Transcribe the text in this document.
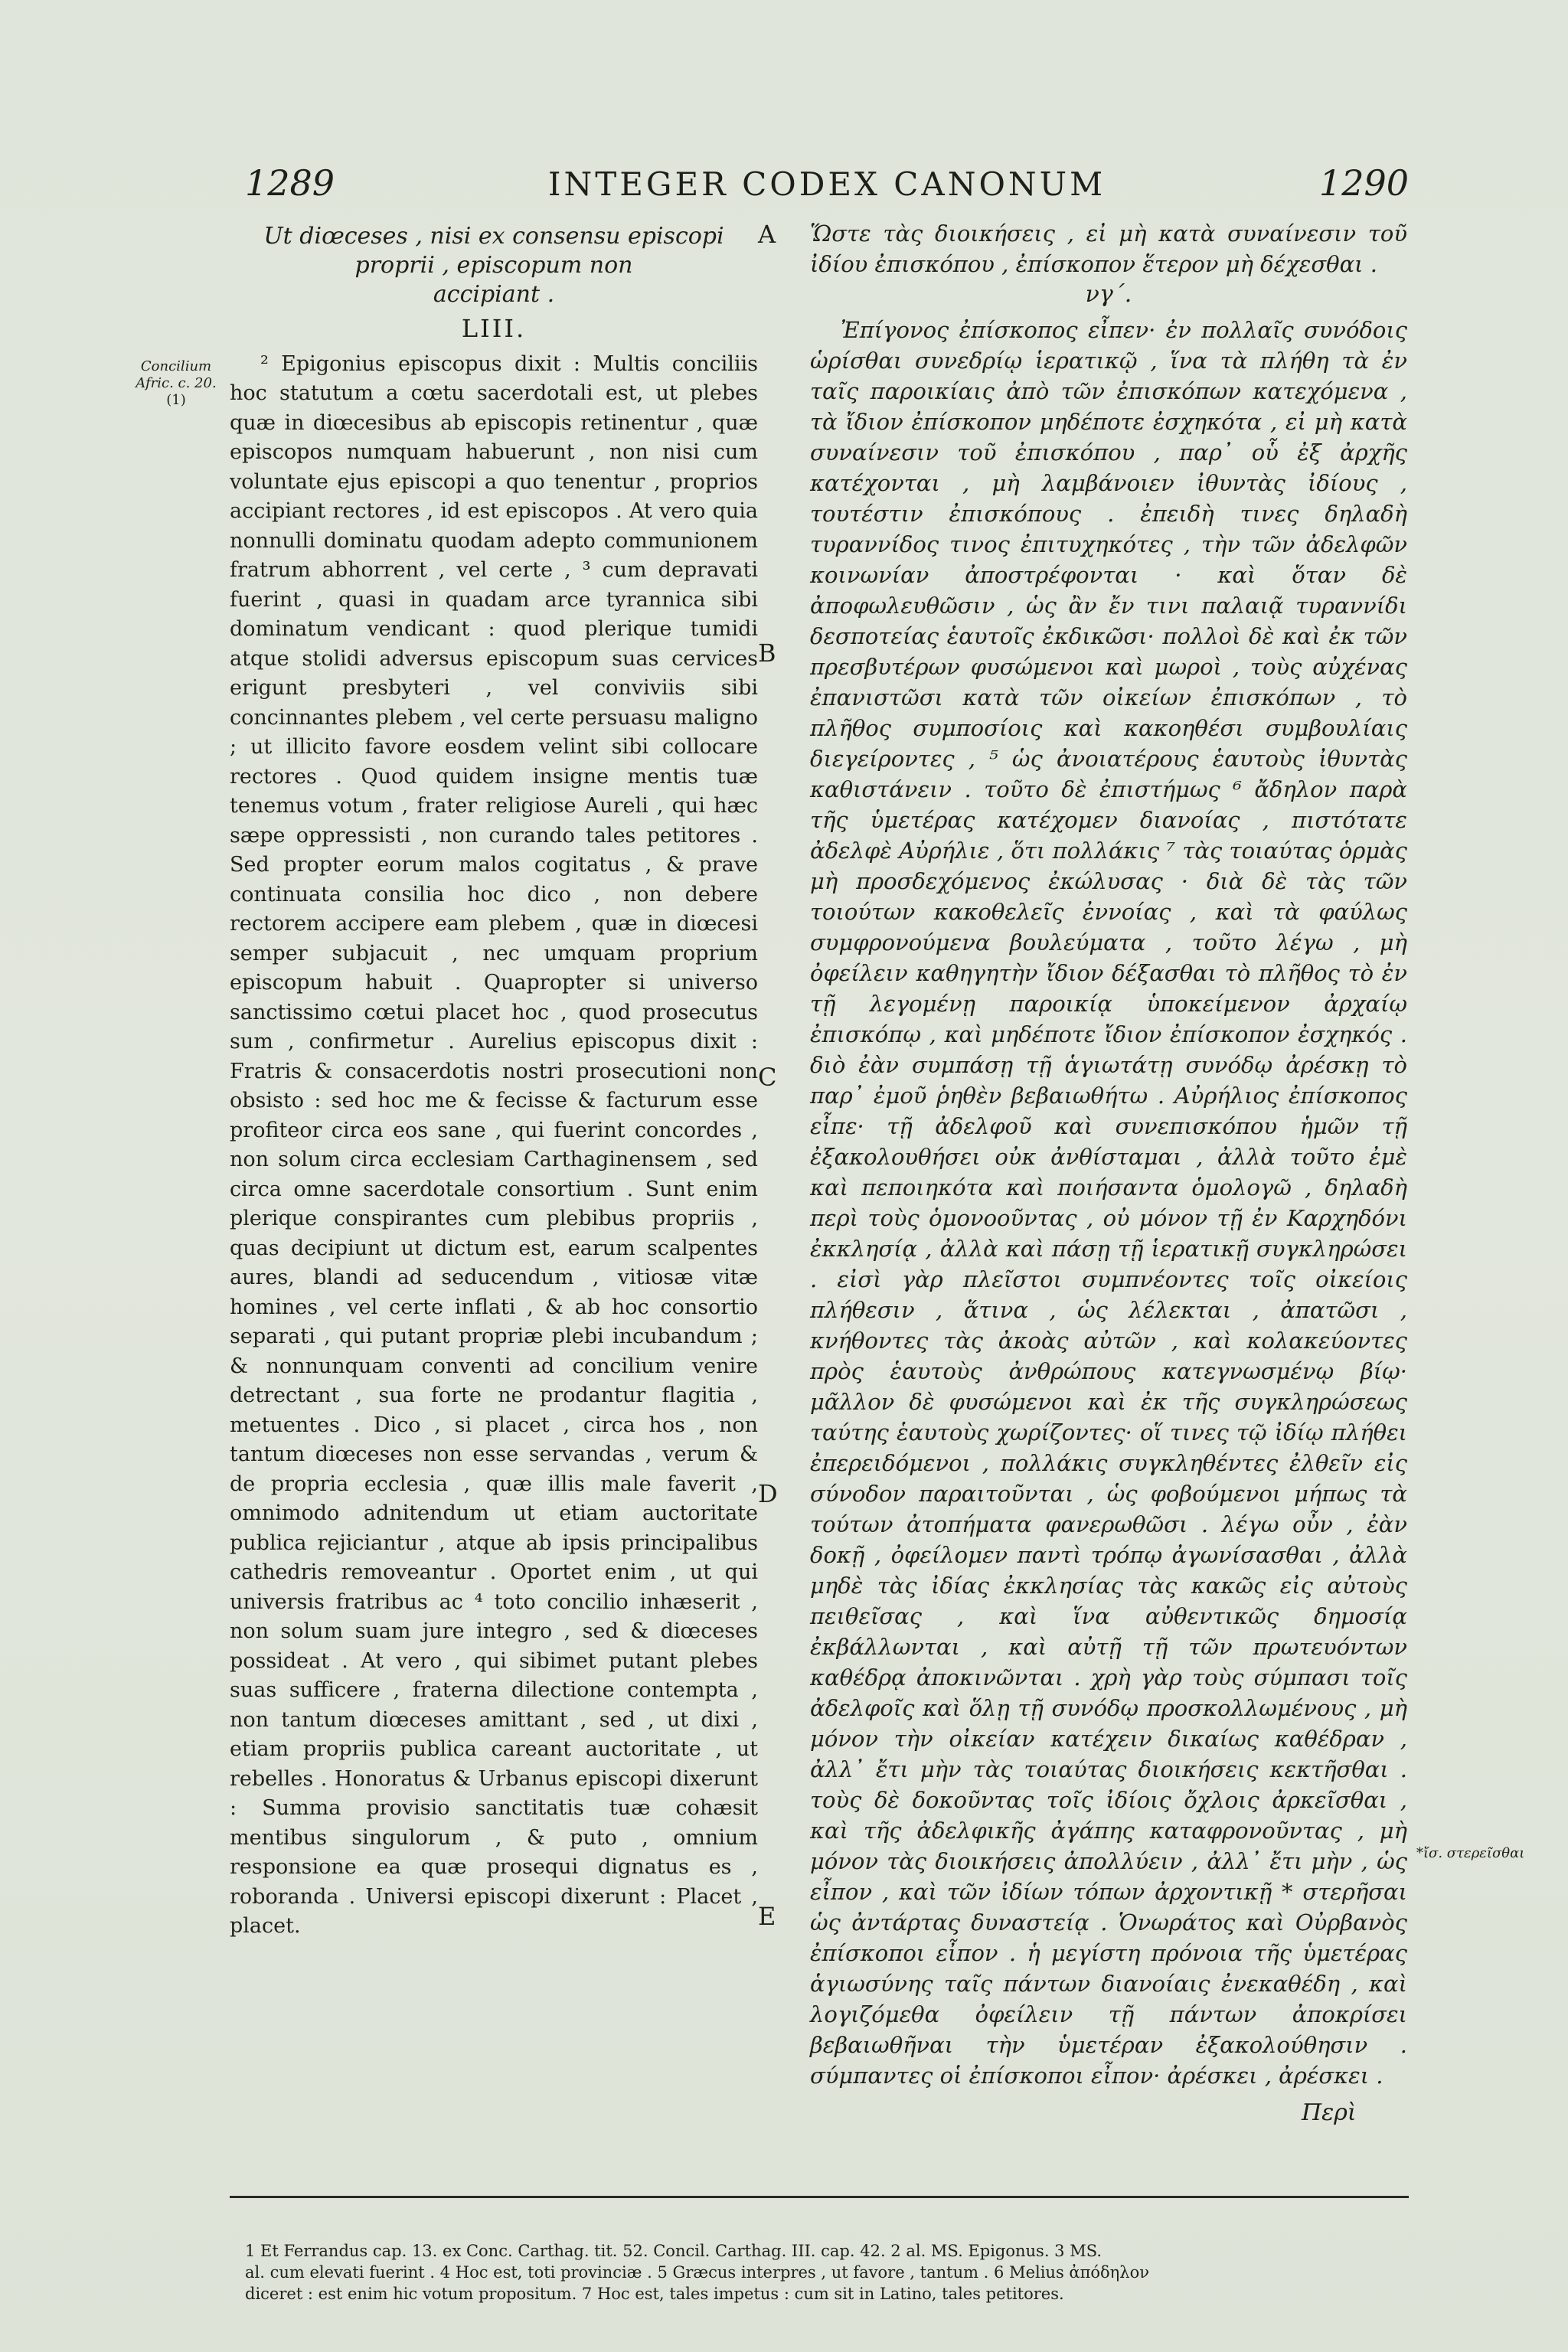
1289	INTEGER CODEX CANONUM	1290
Concilium Afric. c. 20.
(1)
Ut diœceses , nisi ex consensu episcopi
proprii , episcopum non
accipiant .
LIII.

² Epigonius episcopus dixit : Multis conciliis hoc statutum a cœtu sacerdotali est, ut plebes quæ in diœcesibus ab episcopis retinentur , quæ episcopos numquam habuerunt , non nisi cum voluntate ejus episcopi a quo tenentur , proprios accipiant rectores , id est episcopos . At vero quia nonnulli dominatu quodam adepto communionem fratrum abhorrent , vel certe , ³ cum depravati fuerint , quasi in quadam arce tyrannica sibi dominatum vendicant : quod plerique tumidi atque stolidi adversus episcopum suas cervices erigunt presbyteri , vel conviviis sibi concinnantes plebem , vel certe persuasu maligno ; ut illicito favore eosdem velint sibi collocare rectores . Quod quidem insigne mentis tuæ tenemus votum , frater religiose Aureli , qui hæc sæpe oppressisti , non curando tales petitores . Sed propter eorum malos cogitatus , & prave continuata consilia hoc dico , non debere rectorem accipere eam plebem , quæ in diœcesi semper subjacuit , nec umquam proprium episcopum habuit . Quapropter si universo sanctissimo cœtui placet hoc , quod prosecutus sum , confirmetur . Aurelius episcopus dixit : Fratris & consacerdotis nostri prosecutioni non obsisto : sed hoc me & fecisse & facturum esse profiteor circa eos sane , qui fuerint concordes , non solum circa ecclesiam Carthaginensem , sed circa omne sacerdotale consortium . Sunt enim plerique conspirantes cum plebibus propriis , quas decipiunt ut dictum est, earum scalpentes aures, blandi ad seducendum , vitiosæ vitæ homines , vel certe inflati , & ab hoc consortio separati , qui putant propriæ plebi incubandum ; & nonnunquam conventi ad concilium venire detrectant , sua forte ne prodantur flagitia , metuentes . Dico , si placet , circa hos , non tantum diœceses non esse servandas , verum & de propria ecclesia , quæ illis male faverit , omnimodo adnitendum ut etiam auctoritate publica rejiciantur , atque ab ipsis principalibus cathedris removeantur . Oportet enim , ut qui universis fratribus ac ⁴ toto concilio inhæserit , non solum suam jure integro , sed & diœceses possideat . At vero , qui sibimet putant plebes suas sufficere , fraterna dilectione contempta , non tantum diœceses amittant , sed , ut dixi , etiam propriis publica careant auctoritate , ut rebelles . Honoratus & Urbanus episcopi dixerunt : Summa provisio sanctitatis tuæ cohæsit mentibus singulorum , & puto , omnium responsione ea quæ prosequi dignatus es , roboranda . Universi episcopi dixerunt : Placet , placet.

A
B
C
D
E

Ὥστε τὰς διοικήσεις , εἰ μὴ κατὰ συναίνεσιν τοῦ ἰδίου ἐπισκόπου , ἐπίσκοπον ἕτερον μὴ δέχεσθαι .

νγ΄.

Ἐπίγονος ἐπίσκοπος εἶπεν· ἐν πολλαῖς συνόδοις ὡρίσθαι συνεδρίῳ ἱερατικῷ , ἵνα τὰ πλήθη τὰ ἐν ταῖς παροικίαις ἀπὸ τῶν ἐπισκόπων κατεχόμενα , τὰ ἴδιον ἐπίσκοπον μηδέποτε ἐσχηκότα , εἰ μὴ κατὰ συναίνεσιν τοῦ ἐπισκόπου , παρ᾽ οὗ ἐξ ἀρχῆς κατέχονται , μὴ λαμβάνοιεν ἰθυντὰς ἰδίους , τουτέστιν ἐπισκόπους . ἐπειδὴ τινες δηλαδὴ τυραννίδος τινος ἐπιτυχηκότες , τὴν τῶν ἀδελφῶν κοινωνίαν ἀποστρέφονται · καὶ ὅταν δὲ ἀποφωλευθῶσιν , ὡς ἂν ἔν τινι παλαιᾷ τυραννίδι δεσποτείας ἑαυτοῖς ἐκδικῶσι· πολλοὶ δὲ καὶ ἐκ τῶν πρεσβυτέρων φυσώμενοι καὶ μωροὶ , τοὺς αὐχένας ἐπανιστῶσι κατὰ τῶν οἰκείων ἐπισκόπων , τὸ πλῆθος συμποσίοις καὶ κακοηθέσι συμβουλίαις διεγείροντες , ⁵ ὡς ἀνοιατέρους ἑαυτοὺς ἰθυντὰς καθιστάνειν . τοῦτο δὲ ἐπιστήμως ⁶ ἄδηλον παρὰ τῆς ὑμετέρας κατέχομεν διανοίας , πιστότατε ἀδελφὲ Αὐρήλιε , ὅτι πολλάκις ⁷ τὰς τοιαύτας ὁρμὰς μὴ προσδεχόμενος ἐκώλυσας · διὰ δὲ τὰς τῶν τοιούτων κακοθελεῖς ἐννοίας , καὶ τὰ φαύλως συμφρονούμενα βουλεύματα , τοῦτο λέγω , μὴ ὀφείλειν καθηγητὴν ἴδιον δέξασθαι τὸ πλῆθος τὸ ἐν τῇ λεγομένῃ παροικίᾳ ὑποκείμενον ἀρχαίῳ ἐπισκόπῳ , καὶ μηδέποτε ἴδιον ἐπίσκοπον ἐσχηκός . διὸ ἐὰν συμπάσῃ τῇ ἁγιωτάτῃ συνόδῳ ἀρέσκῃ τὸ παρ᾽ ἐμοῦ ῥηθὲν βεβαιωθήτω . Αὐρήλιος ἐπίσκοπος εἶπε· τῇ ἀδελφοῦ καὶ συνεπισκόπου ἡμῶν τῇ ἐξακολουθήσει οὐκ ἀνθίσταμαι , ἀλλὰ τοῦτο ἐμὲ καὶ πεποιηκότα καὶ ποιήσαντα ὁμολογῶ , δηλαδὴ περὶ τοὺς ὁμονοοῦντας , οὐ μόνον τῇ ἐν Καρχηδόνι ἐκκλησίᾳ , ἀλλὰ καὶ πάσῃ τῇ ἱερατικῇ συγκληρώσει . εἰσὶ γὰρ πλεῖστοι συμπνέοντες τοῖς οἰκείοις πλήθεσιν , ἅτινα , ὡς λέλεκται , ἀπατῶσι , κνήθοντες τὰς ἀκοὰς αὐτῶν , καὶ κολακεύοντες πρὸς ἑαυτοὺς ἀνθρώπους κατεγνωσμένῳ βίῳ· μᾶλλον δὲ φυσώμενοι καὶ ἐκ τῆς συγκληρώσεως ταύτης ἑαυτοὺς χωρίζοντες· οἵ τινες τῷ ἰδίῳ πλήθει ἐπερειδόμενοι , πολλάκις συγκληθέντες ἐλθεῖν εἰς σύνοδον παραιτοῦνται , ὡς φοβούμενοι μήπως τὰ τούτων ἀτοπήματα φανερωθῶσι . λέγω οὖν , ἐὰν δοκῇ , ὀφείλομεν παντὶ τρόπῳ ἀγωνίσασθαι , ἀλλὰ μηδὲ τὰς ἰδίας ἐκκλησίας τὰς κακῶς εἰς αὐτοὺς πειθεῖσας , καὶ ἵνα αὐθεντικῶς δημοσίᾳ ἐκβάλλωνται , καὶ αὐτῇ τῇ τῶν πρωτευόντων καθέδρᾳ ἀποκινῶνται . χρὴ γὰρ τοὺς σύμπασι τοῖς ἀδελφοῖς καὶ ὅλῃ τῇ συνόδῳ προσκολλωμένους , μὴ μόνον τὴν οἰκείαν κατέχειν δικαίως καθέδραν , ἀλλ᾽ ἔτι μὴν τὰς τοιαύτας διοικήσεις κεκτῆσθαι . τοὺς δὲ δοκοῦντας τοῖς ἰδίοις ὄχλοις ἀρκεῖσθαι , καὶ τῆς ἀδελφικῆς ἀγάπης καταφρονοῦντας , μὴ μόνον τὰς διοικήσεις ἀπολλύειν , ἀλλ᾽ ἔτι μὴν , ὡς εἶπον , καὶ τῶν ἰδίων τόπων ἀρχοντικῇ * στερῆσαι ὡς ἀντάρτας δυναστείᾳ . Ὁνωράτος καὶ Οὐρβανὸς ἐπίσκοποι εἶπον . ἡ μεγίστη πρόνοια τῆς ὑμετέρας ἁγιωσύνης ταῖς πάντων διανοίαις ἐνεκαθέδη , καὶ λογιζόμεθα ὀφείλειν τῇ πάντων ἀποκρίσει βεβαιωθῆναι τὴν ὑμετέραν ἐξακολούθησιν . σύμπαντες οἱ ἐπίσκοποι εἶπον· ἀρέσκει , ἀρέσκει .

*ἴσ. στερεῖσθαι
Περὶ

1 Et Ferrandus cap. 13. ex Conc. Carthag. tit. 52. Concil. Carthag. III. cap. 42. 2 al. MS. Epigonus. 3 MS.

al. cum elevati fuerint . 4 Hoc est, toti provinciæ . 5 Græcus interpres , ut favore , tantum . 6 Melius ἀπόδηλον

diceret : est enim hic votum propositum. 7 Hoc est, tales impetus : cum sit in Latino, tales petitores.
